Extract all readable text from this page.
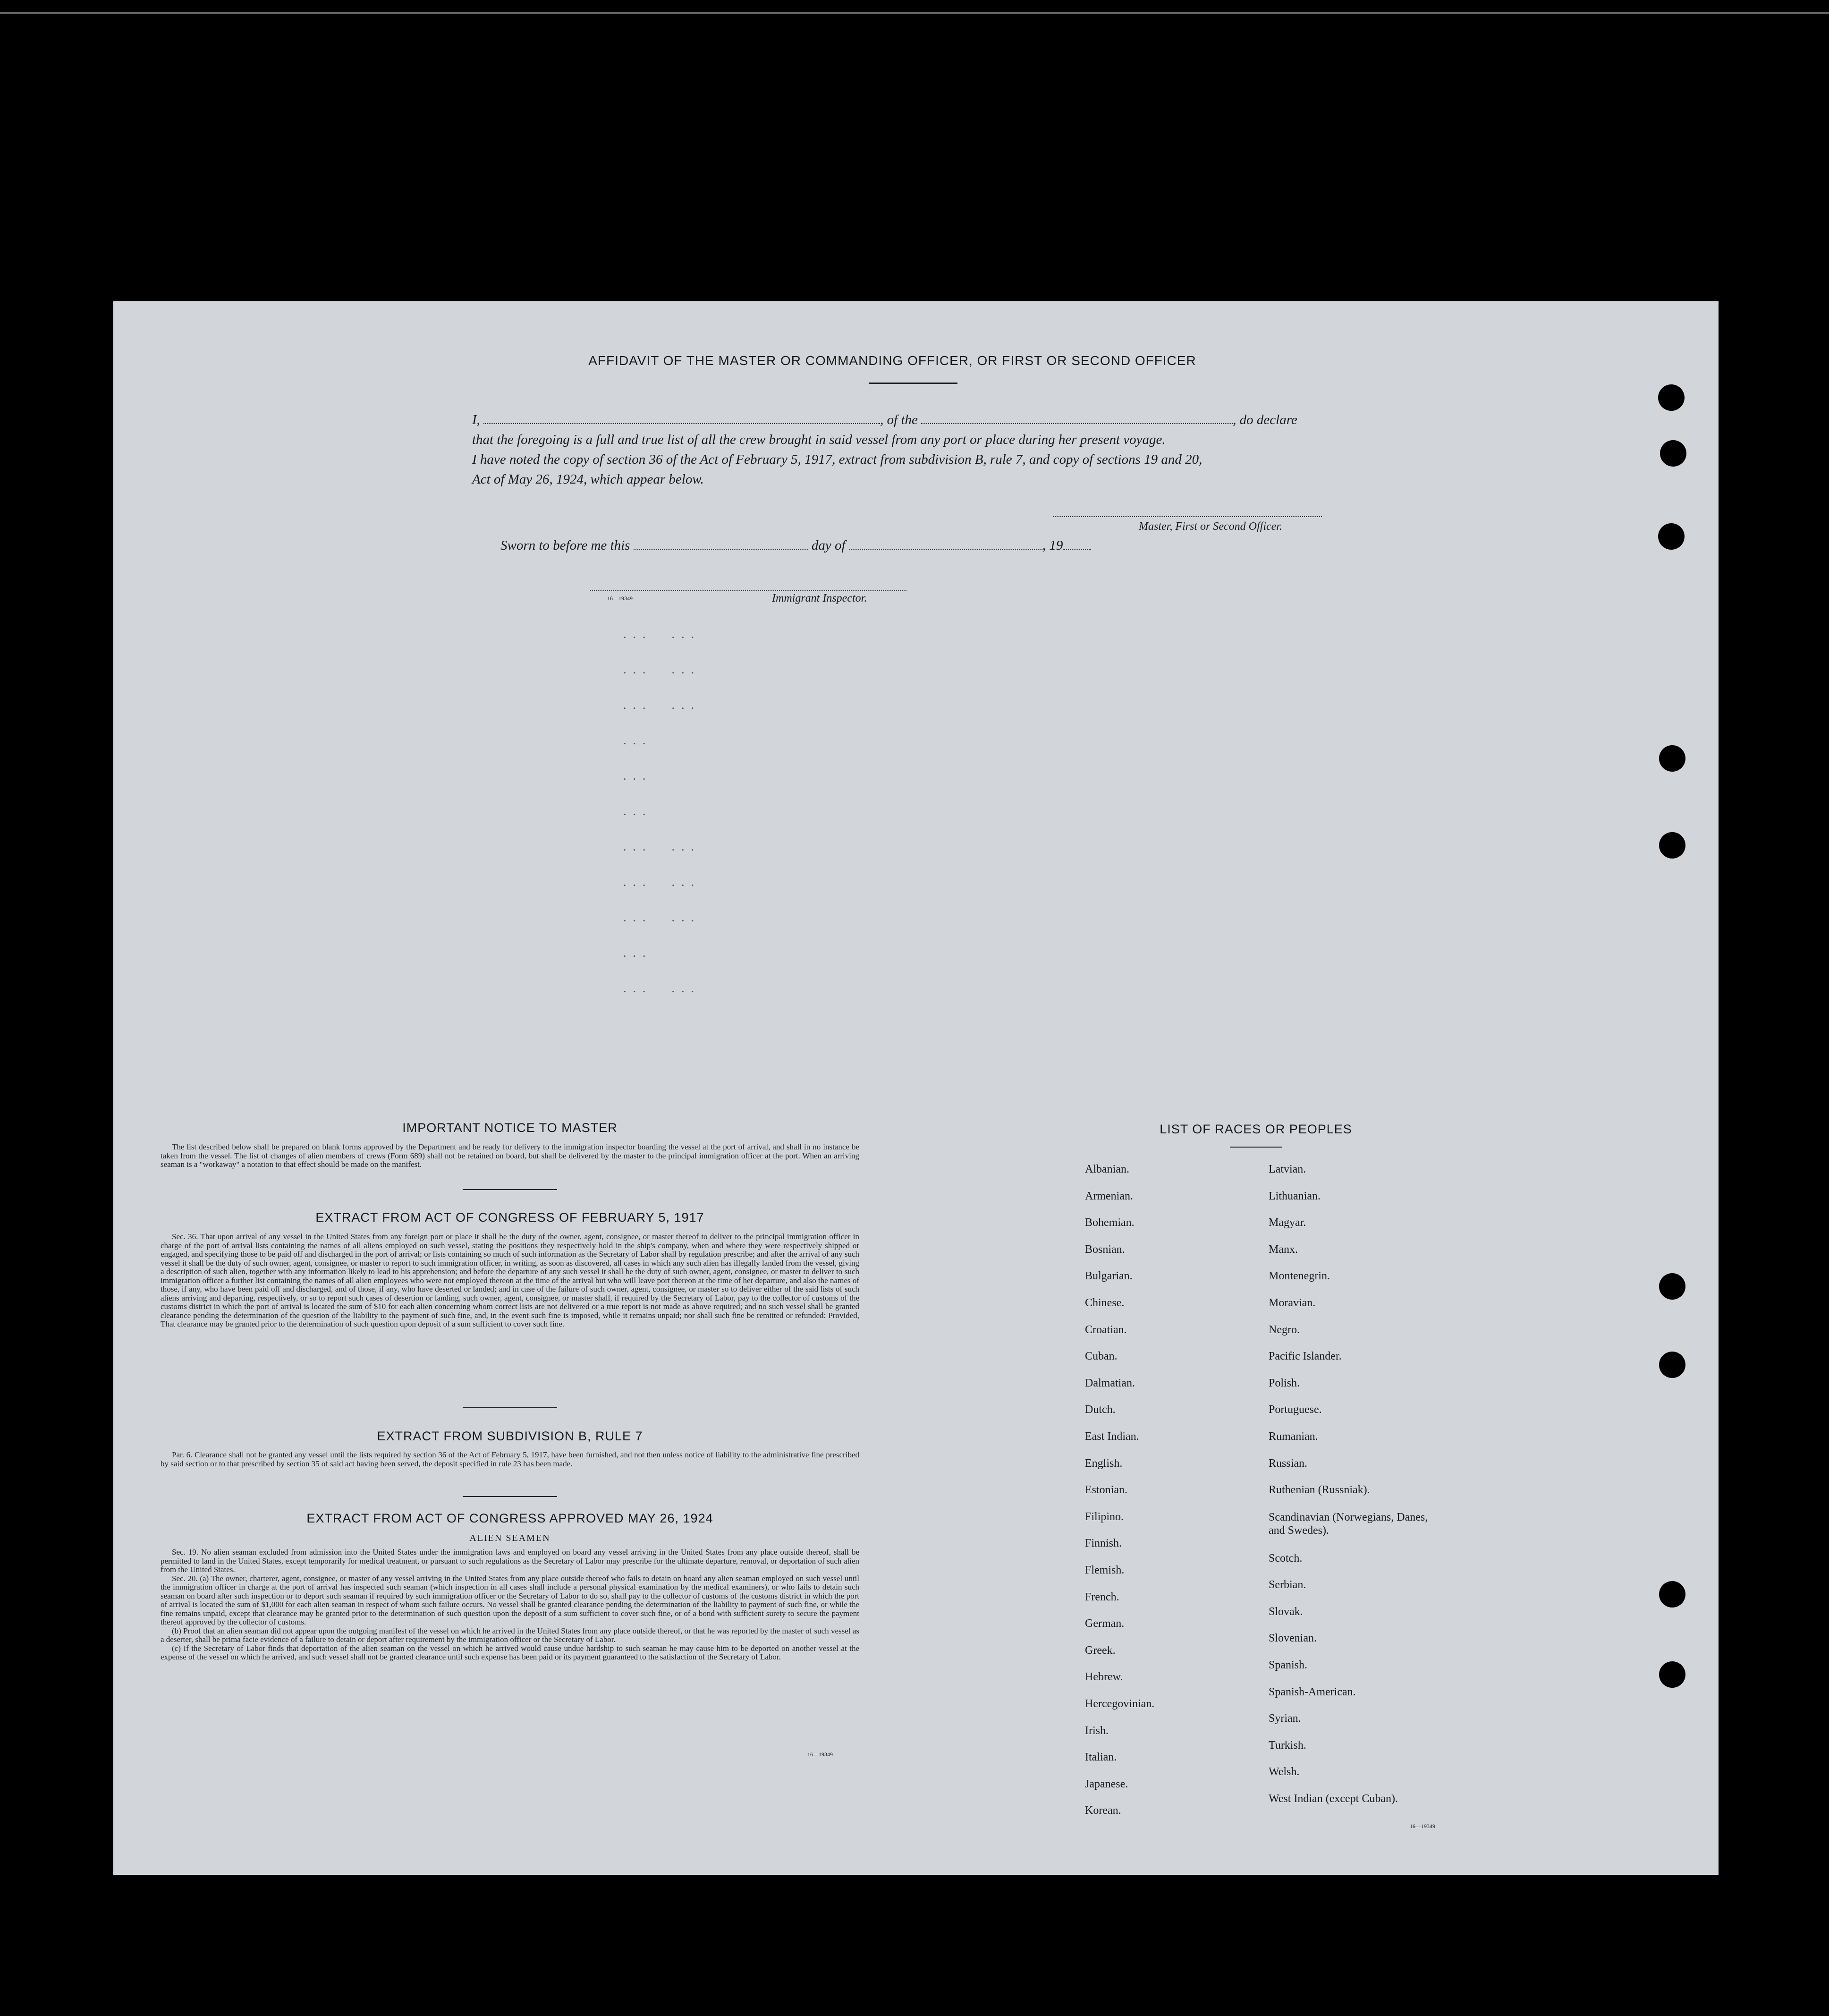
AFFIDAVIT OF THE MASTER OR COMMANDING OFFICER, OR FIRST OR SECOND OFFICER
I,	, of the	, do declare
that the foregoing is a full and true list of all the crew brought in said vessel from any port or place during her present voyage.
I have noted the copy of section 36 of the Act of February 5, 1917, extract from subdivision B, rule 7, and copy of sections 19 and 20,
Act of May 26, 1924, which appear below.
Master, First or Second Officer.
Sworn to before me this	day of	, 19
16—19349	Immigrant Inspector.
...  ...
...  ...
...  ...
...
...
...
...  ...
...  ...
...  ...
...
...  ...
IMPORTANT NOTICE TO MASTER

The list described below shall be prepared on blank forms approved by the Department and be ready for delivery to the immigration inspector boarding the vessel at the port of arrival, and shall in no instance be taken from the vessel. The list of changes of alien members of crews (Form 689) shall not be retained on board, but shall be delivered by the master to the principal immigration officer at the port. When an arriving seaman is a "workaway" a notation to that effect should be made on the manifest.

EXTRACT FROM ACT OF CONGRESS OF FEBRUARY 5, 1917

Sec. 36. That upon arrival of any vessel in the United States from any foreign port or place it shall be the duty of the owner, agent, consignee, or master thereof to deliver to the principal immigration officer in charge of the port of arrival lists containing the names of all aliens employed on such vessel, stating the positions they respectively hold in the ship's company, when and where they were respectively shipped or engaged, and specifying those to be paid off and discharged in the port of arrival; or lists containing so much of such information as the Secretary of Labor shall by regulation prescribe; and after the arrival of any such vessel it shall be the duty of such owner, agent, consignee, or master to report to such immigration officer, in writing, as soon as discovered, all cases in which any such alien has illegally landed from the vessel, giving a description of such alien, together with any information likely to lead to his apprehension; and before the departure of any such vessel it shall be the duty of such owner, agent, consignee, or master to deliver to such immigration officer a further list containing the names of all alien employees who were not employed thereon at the time of the arrival but who will leave port thereon at the time of her departure, and also the names of those, if any, who have been paid off and discharged, and of those, if any, who have deserted or landed; and in case of the failure of such owner, agent, consignee, or master so to deliver either of the said lists of such aliens arriving and departing, respectively, or so to report such cases of desertion or landing, such owner, agent, consignee, or master shall, if required by the Secretary of Labor, pay to the collector of customs of the customs district in which the port of arrival is located the sum of $10 for each alien concerning whom correct lists are not delivered or a true report is not made as above required; and no such vessel shall be granted clearance pending the determination of the question of the liability to the payment of such fine, and, in the event such fine is imposed, while it remains unpaid; nor shall such fine be remitted or refunded: Provided, That clearance may be granted prior to the determination of such question upon deposit of a sum sufficient to cover such fine.

EXTRACT FROM SUBDIVISION B, RULE 7

Par. 6. Clearance shall not be granted any vessel until the lists required by section 36 of the Act of February 5, 1917, have been furnished, and not then unless notice of liability to the administrative fine prescribed by said section or to that prescribed by section 35 of said act having been served, the deposit specified in rule 23 has been made.

EXTRACT FROM ACT OF CONGRESS APPROVED MAY 26, 1924
ALIEN SEAMEN

Sec. 19. No alien seaman excluded from admission into the United States under the immigration laws and employed on board any vessel arriving in the United States from any place outside thereof, shall be permitted to land in the United States, except temporarily for medical treatment, or pursuant to such regulations as the Secretary of Labor may prescribe for the ultimate departure, removal, or deportation of such alien from the United States.

Sec. 20. (a) The owner, charterer, agent, consignee, or master of any vessel arriving in the United States from any place outside thereof who fails to detain on board any alien seaman employed on such vessel until the immigration officer in charge at the port of arrival has inspected such seaman (which inspection in all cases shall include a personal physical examination by the medical examiners), or who fails to detain such seaman on board after such inspection or to deport such seaman if required by such immigration officer or the Secretary of Labor to do so, shall pay to the collector of customs of the customs district in which the port of arrival is located the sum of $1,000 for each alien seaman in respect of whom such failure occurs. No vessel shall be granted clearance pending the determination of the liability to payment of such fine, or while the fine remains unpaid, except that clearance may be granted prior to the determination of such question upon the deposit of a sum sufficient to cover such fine, or of a bond with sufficient surety to secure the payment thereof approved by the collector of customs.

(b) Proof that an alien seaman did not appear upon the outgoing manifest of the vessel on which he arrived in the United States from any place outside thereof, or that he was reported by the master of such vessel as a deserter, shall be prima facie evidence of a failure to detain or deport after requirement by the immigration officer or the Secretary of Labor.

(c) If the Secretary of Labor finds that deportation of the alien seaman on the vessel on which he arrived would cause undue hardship to such seaman he may cause him to be deported on another vessel at the expense of the vessel on which he arrived, and such vessel shall not be granted clearance until such expense has been paid or its payment guaranteed to the satisfaction of the Secretary of Labor.

16—19349
LIST OF RACES OR PEOPLES
16—19349
Albanian.
Armenian.
Bohemian.
Bosnian.
Bulgarian.
Chinese.
Croatian.
Cuban.
Dalmatian.
Dutch.
East Indian.
English.
Estonian.
Filipino.
Finnish.
Flemish.
French.
German.
Greek.
Hebrew.
Hercegovinian.
Irish.
Italian.
Japanese.
Korean.
Latvian.
Lithuanian.
Magyar.
Manx.
Montenegrin.
Moravian.
Negro.
Pacific Islander.
Polish.
Portuguese.
Rumanian.
Russian.
Ruthenian (Russniak).
Scandinavian (Norwegians, Danes, and Swedes).
Scotch.
Serbian.
Slovak.
Slovenian.
Spanish.
Spanish-American.
Syrian.
Turkish.
Welsh.
West Indian (except Cuban).
